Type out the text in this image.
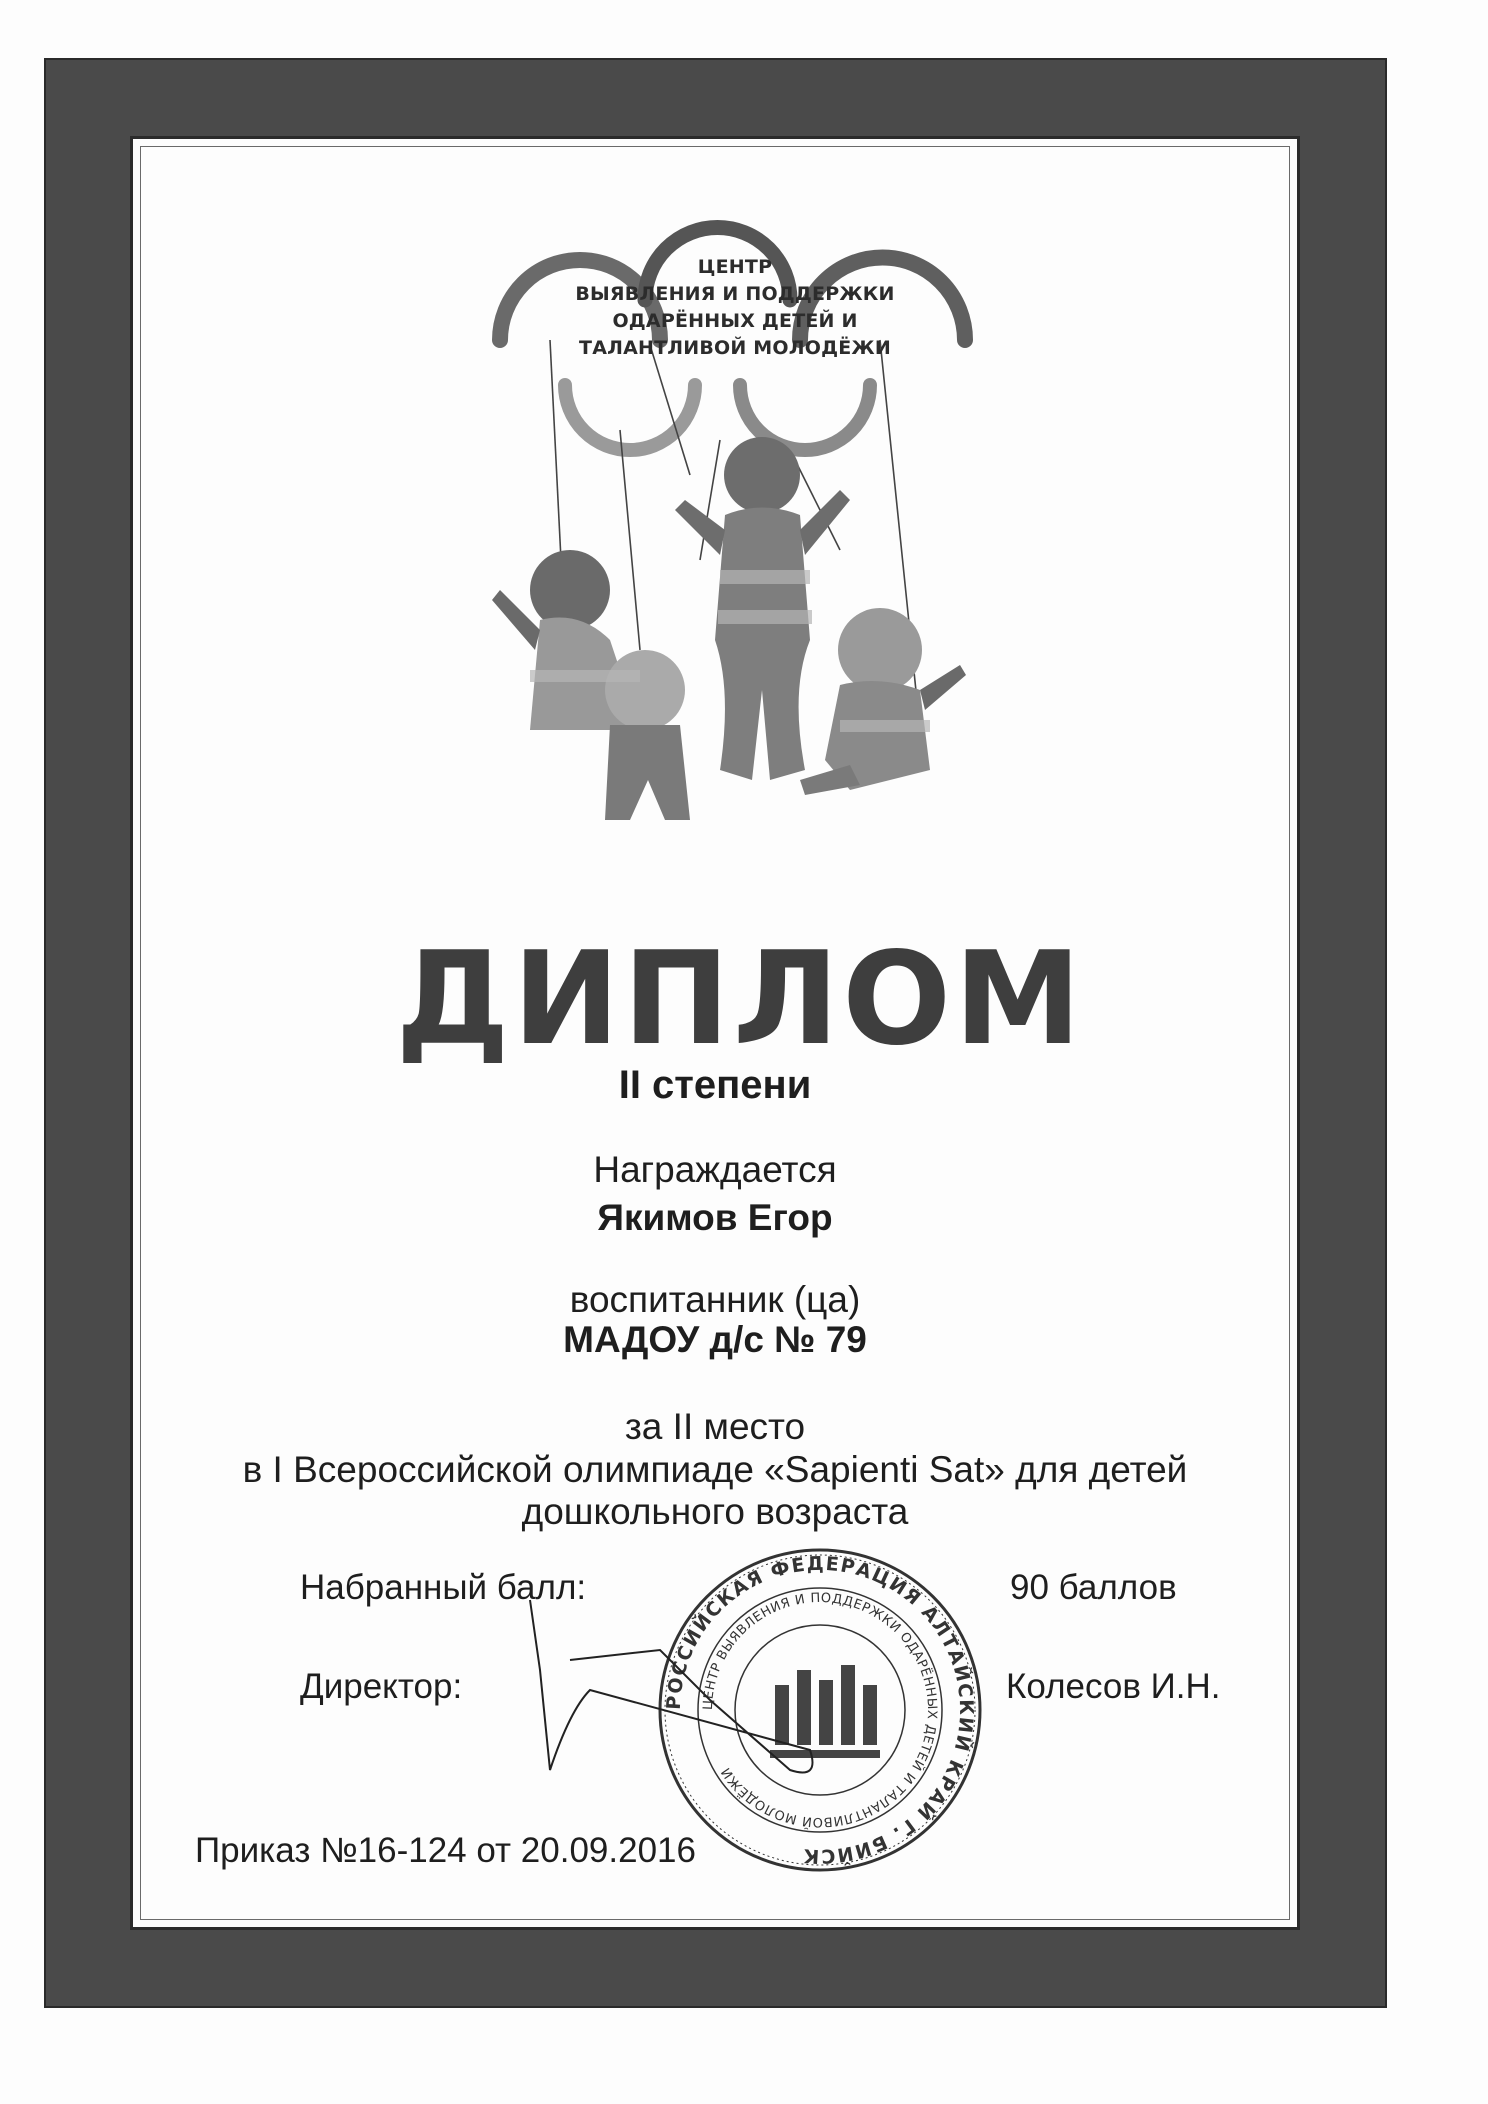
ЦЕНТР
ВЫЯВЛЕНИЯ И ПОДДЕРЖКИ
ОДАРЁННЫХ ДЕТЕЙ И
ТАЛАНТЛИВОЙ МОЛОДЁЖИ
ДИПЛОМ
II степени
Награждается
Якимов Егор
воспитанник (ца)
МАДОУ д/с № 79
за II место
в I Всероссийской олимпиаде «Sapienti Sat» для детей
дошкольного возраста
РОССИЙСКАЯ ФЕДЕРАЦИЯ АЛТАЙСКИЙ КРАЙ Г. БИЙСК
ЦЕНТР ВЫЯВЛЕНИЯ И ПОДДЕРЖКИ ОДАРЁННЫХ ДЕТЕЙ И ТАЛАНТЛИВОЙ МОЛОДЁЖИ
Набранный балл:	90 баллов
Директор:	Колесов И.Н.
Приказ №16-124 от 20.09.2016
